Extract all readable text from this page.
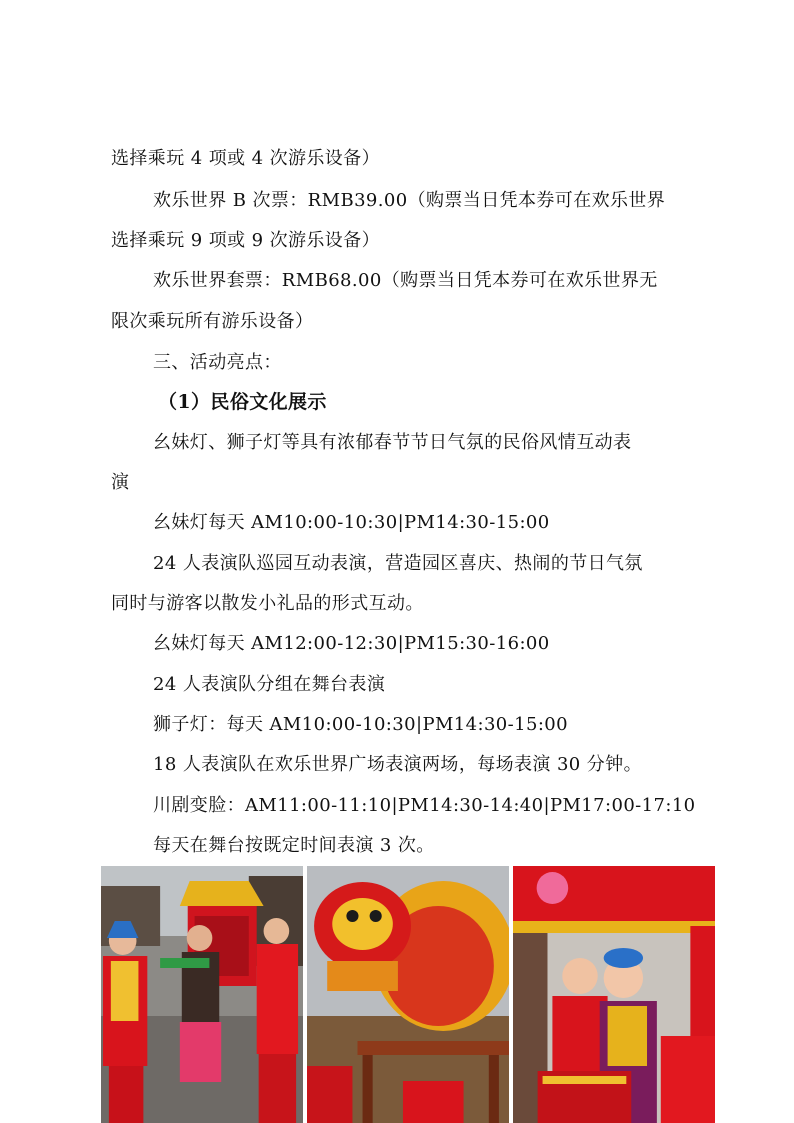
选择乘玩 4 项或 4 次游乐设备）
欢乐世界 B 次票：RMB39.00（购票当日凭本券可在欢乐世界
选择乘玩 9 项或 9 次游乐设备）
欢乐世界套票：RMB68.00（购票当日凭本券可在欢乐世界无
限次乘玩所有游乐设备）
三、活动亮点：
（1）民俗文化展示
幺妹灯、狮子灯等具有浓郁春节节日气氛的民俗风情互动表
演
幺妹灯每天 AM10:00-10:30|PM14:30-15:00
24 人表演队巡园互动表演，营造园区喜庆、热闹的节日气氛
同时与游客以散发小礼品的形式互动。
幺妹灯每天 AM12:00-12:30|PM15:30-16:00
24 人表演队分组在舞台表演
狮子灯：每天 AM10:00-10:30|PM14:30-15:00
18 人表演队在欢乐世界广场表演两场，每场表演 30 分钟。
川剧变脸：AM11:00-11:10|PM14:30-14:40|PM17:00-17:10
每天在舞台按既定时间表演 3 次。
